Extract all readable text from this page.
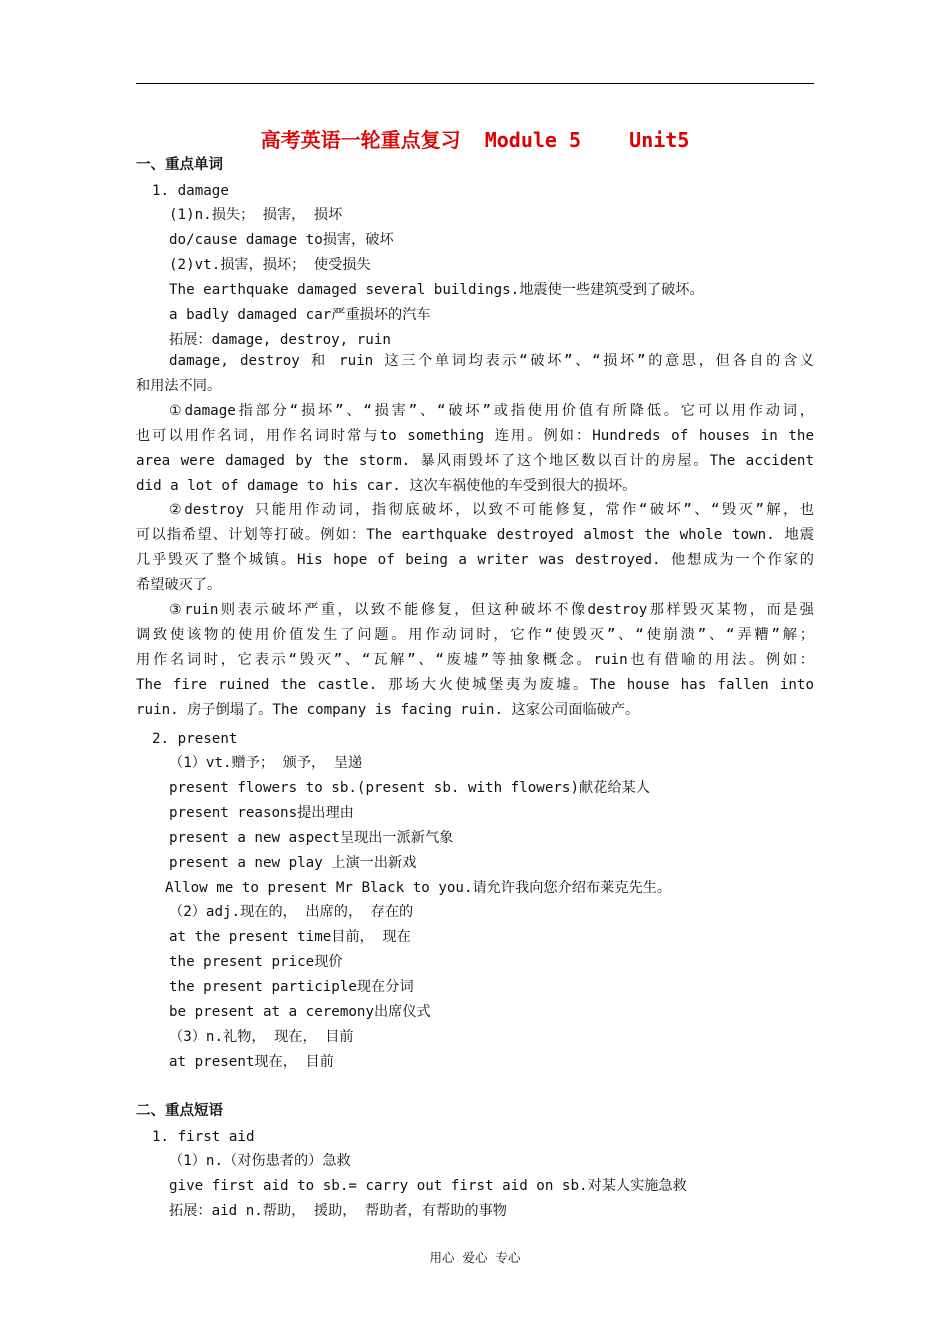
高考英语一轮重点复习  Module 5    Unit5
一、重点单词
1. damage
(1)n.损失； 损害， 损坏
do/cause damage to损害，破坏
(2)vt.损害，损坏； 使受损失
The earthquake damaged several buildings.地震使一些建筑受到了破坏。
a badly damaged car严重损坏的汽车
拓展：damage, destroy, ruin
damage, destroy 和 ruin 这三个单词均表示“破坏”、“损坏”的意思，但各自的含义
和用法不同。
①damage指部分“损坏”、“损害”、“破坏”或指使用价值有所降低。它可以用作动词，
也可以用作名词，用作名词时常与to something 连用。例如：Hundreds of houses in the
area were damaged by the storm. 暴风雨毁坏了这个地区数以百计的房屋。The accident
did a lot of damage to his car. 这次车祸使他的车受到很大的损坏。
②destroy 只能用作动词，指彻底破坏，以致不可能修复，常作“破坏”、“毁灭”解，也
可以指希望、计划等打破。例如：The earthquake destroyed almost the whole town. 地震
几乎毁灭了整个城镇。His hope of being a writer was destroyed. 他想成为一个作家的
希望破灭了。
③ruin则表示破坏严重，以致不能修复，但这种破坏不像destroy那样毁灭某物，而是强
调致使该物的使用价值发生了问题。用作动词时，它作“使毁灭”、“使崩溃”、“弄糟”解；
用作名词时，它表示“毁灭”、“瓦解”、“废墟”等抽象概念。ruin也有借喻的用法。例如：
The fire ruined the castle. 那场大火使城堡夷为废墟。The house has fallen into
ruin. 房子倒塌了。The company is facing ruin. 这家公司面临破产。
2. present
（1）vt.赠予； 颁予， 呈递
present flowers to sb.(present sb. with flowers)献花给某人
present reasons提出理由
present a new aspect呈现出一派新气象
present a new play 上演一出新戏
Allow me to present Mr Black to you.请允许我向您介绍布莱克先生。
（2）adj.现在的， 出席的， 存在的
at the present time目前， 现在
the present price现价
the present participle现在分词
be present at a ceremony出席仪式
（3）n.礼物， 现在， 目前
at present现在， 目前
二、重点短语
1. first aid
（1）n.（对伤患者的）急救
give first aid to sb.= carry out first aid on sb.对某人实施急救
拓展：aid n.帮助， 援助， 帮助者，有帮助的事物
用心  爱心  专心
